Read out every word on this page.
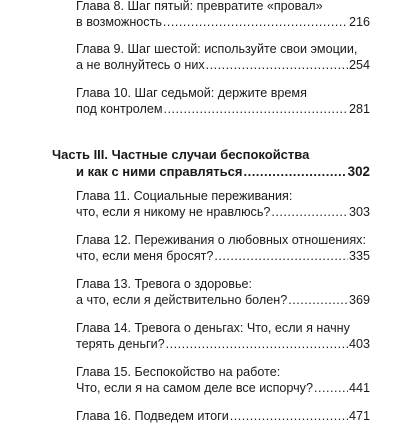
Глава 8. Шаг пятый: превратите «провал»
в возможность .....	216
Глава 9. Шаг шестой: используйте свои эмоции,
а не волнуйтесь о них .....	254
Глава 10. Шаг седьмой: держите время
под контролем .....	281
Часть III. Частные случаи беспокойства
и как с ними справляться .....	302
Глава 11. Социальные переживания:
что, если я никому не нравлюсь? .....	303
Глава 12. Переживания о любовных отношениях:
что, если меня бросят? .....	335
Глава 13. Тревога о здоровье:
а что, если я действительно болен? .....	369
Глава 14. Тревога о деньгах: Что, если я начну
терять деньги? .....	403
Глава 15. Беспокойство на работе:
Что, если я на самом деле все испорчу? .....	441
Глава 16. Подведем итоги .....	471
